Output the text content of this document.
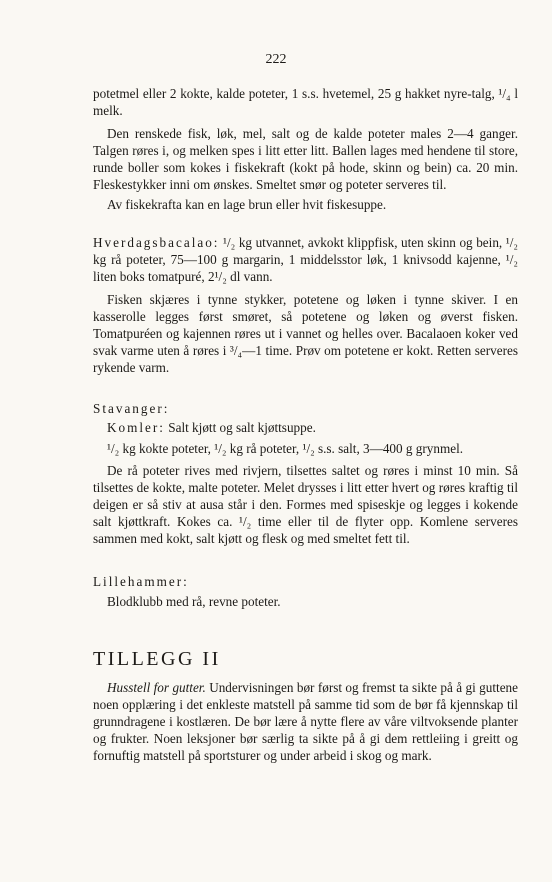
222

potetmel eller 2 kokte, kalde poteter, 1 s.s. hvetemel, 25 g hakket nyre-talg, ¹/₄ l melk.

Den renskede fisk, løk, mel, salt og de kalde poteter males 2—4 ganger. Talgen røres i, og melken spes i litt etter litt. Ballen lages med hendene til store, runde boller som kokes i fiskekraft (kokt på hode, skinn og bein) ca. 20 min. Fleskestykker inni om ønskes. Smeltet smør og poteter serveres til.

Av fiskekrafta kan en lage brun eller hvit fiskesuppe.

Hverdagsbacalao: ¹/₂ kg utvannet, avkokt klippfisk, uten skinn og bein, ¹/₂ kg rå poteter, 75—100 g margarin, 1 middelsstor løk, 1 knivsodd kajenne, ¹/₂ liten boks tomatpuré, 2¹/₂ dl vann.

Fisken skjæres i tynne stykker, potetene og løken i tynne skiver. I en kasserolle legges først smøret, så potetene og løken og øverst fisken. Tomatpuréen og kajennen røres ut i vannet og helles over. Bacalaoen koker ved svak varme uten å røres i ³/₄—1 time. Prøv om potetene er kokt. Retten serveres rykende varm.

Stavanger:

Komler: Salt kjøtt og salt kjøttsuppe.

¹/₂ kg kokte poteter, ¹/₂ kg rå poteter, ¹/₂ s.s. salt, 3—400 g grynmel.

De rå poteter rives med rivjern, tilsettes saltet og røres i minst 10 min. Så tilsettes de kokte, malte poteter. Melet drysses i litt etter hvert og røres kraftig til deigen er så stiv at ausa står i den. Formes med spiseskje og legges i kokende salt kjøttkraft. Kokes ca. ¹/₂ time eller til de flyter opp. Komlene serveres sammen med kokt, salt kjøtt og flesk og med smeltet fett til.

Lillehammer:

Blodklubb med rå, revne poteter.

TILLEGG II

Husstell for gutter. Undervisningen bør først og fremst ta sikte på å gi guttene noen opplæring i det enkleste matstell på samme tid som de bør få kjennskap til grunndragene i kostlæren. De bør lære å nytte flere av våre viltvoksende planter og frukter. Noen leksjoner bør særlig ta sikte på å gi dem rettleiing i greitt og fornuftig matstell på sportsturer og under arbeid i skog og mark.
